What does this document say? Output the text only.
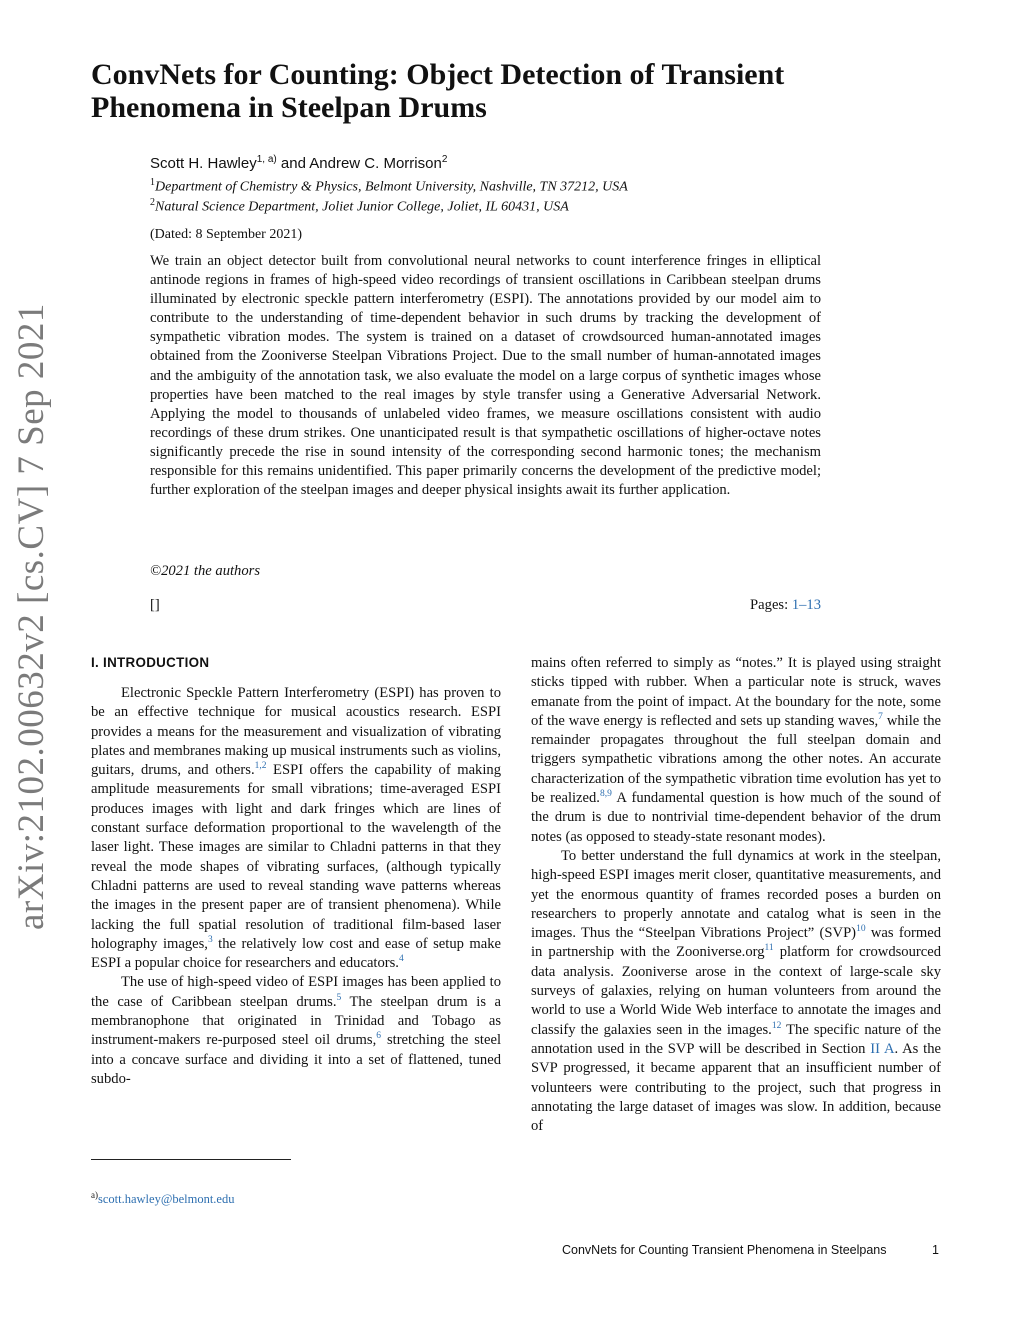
arXiv:2102.00632v2 [cs.CV] 7 Sep 2021
ConvNets for Counting: Object Detection of Transient Phenomena in Steelpan Drums
Scott H. Hawley$^{1, a)}$ and Andrew C. Morrison$^2$
$^1$Department of Chemistry & Physics, Belmont University, Nashville, TN 37212, USA
$^2$Natural Science Department, Joliet Junior College, Joliet, IL 60431, USA
(Dated: 8 September 2021)
We train an object detector built from convolutional neural networks to count interference fringes in elliptical antinode regions in frames of high-speed video recordings of transient oscillations in Caribbean steelpan drums illuminated by electronic speckle pattern interferometry (ESPI). The annotations provided by our model aim to contribute to the understanding of time-dependent behavior in such drums by tracking the development of sympathetic vibration modes. The system is trained on a dataset of crowdsourced human-annotated images obtained from the Zooniverse Steelpan Vibrations Project. Due to the small number of human-annotated images and the ambiguity of the annotation task, we also evaluate the model on a large corpus of synthetic images whose properties have been matched to the real images by style transfer using a Generative Adversarial Network. Applying the model to thousands of unlabeled video frames, we measure oscillations consistent with audio recordings of these drum strikes. One unanticipated result is that sympathetic oscillations of higher-octave notes significantly precede the rise in sound intensity of the corresponding second harmonic tones; the mechanism responsible for this remains unidentified. This paper primarily concerns the development of the predictive model; further exploration of the steelpan images and deeper physical insights await its further application.
©2021 the authors
[]	Pages: 1–13
I. INTRODUCTION

Electronic Speckle Pattern Interferometry (ESPI) has proven to be an effective technique for musical acoustics research. ESPI provides a means for the measurement and visualization of vibrating plates and membranes making up musical instruments such as violins, guitars, drums, and others.$^{1,2}$ ESPI offers the capability of making amplitude measurements for small vibrations; time-averaged ESPI produces images with light and dark fringes which are lines of constant surface deformation proportional to the wavelength of the laser light. These images are similar to Chladni patterns in that they reveal the mode shapes of vibrating surfaces, (although typically Chladni patterns are used to reveal standing wave patterns whereas the images in the present paper are of transient phenomena). While lacking the full spatial resolution of traditional film-based laser holography images,$^3$ the relatively low cost and ease of setup make ESPI a popular choice for researchers and educators.$^4$

The use of high-speed video of ESPI images has been applied to the case of Caribbean steelpan drums.$^5$ The steelpan drum is a membranophone that originated in Trinidad and Tobago as instrument-makers re-purposed steel oil drums,$^6$ stretching the steel into a concave surface and dividing it into a set of flattened, tuned subdo-

mains often referred to simply as “notes.” It is played using straight sticks tipped with rubber. When a particular note is struck, waves emanate from the point of impact. At the boundary for the note, some of the wave energy is reflected and sets up standing waves,$^7$ while the remainder propagates throughout the full steelpan domain and triggers sympathetic vibrations among the other notes. An accurate characterization of the sympathetic vibration time evolution has yet to be realized.$^{8,9}$ A fundamental question is how much of the sound of the drum is due to nontrivial time-dependent behavior of the drum notes (as opposed to steady-state resonant modes).

To better understand the full dynamics at work in the steelpan, high-speed ESPI images merit closer, quantitative measurements, and yet the enormous quantity of frames recorded poses a burden on researchers to properly annotate and catalog what is seen in the images. Thus the “Steelpan Vibrations Project” (SVP)$^{10}$ was formed in partnership with the Zooniverse.org$^{11}$ platform for crowdsourced data analysis. Zooniverse arose in the context of large-scale sky surveys of galaxies, relying on human volunteers from around the world to use a World Wide Web interface to annotate the images and classify the galaxies seen in the images.$^{12}$ The specific nature of the annotation used in the SVP will be described in Section II A. As the SVP progressed, it became apparent that an insufficient number of volunteers were contributing to the project, such that progress in annotating the large dataset of images was slow. In addition, because of

$^{a)}$scott.hawley@belmont.edu
ConvNets for Counting Transient Phenomena in Steelpans	1
